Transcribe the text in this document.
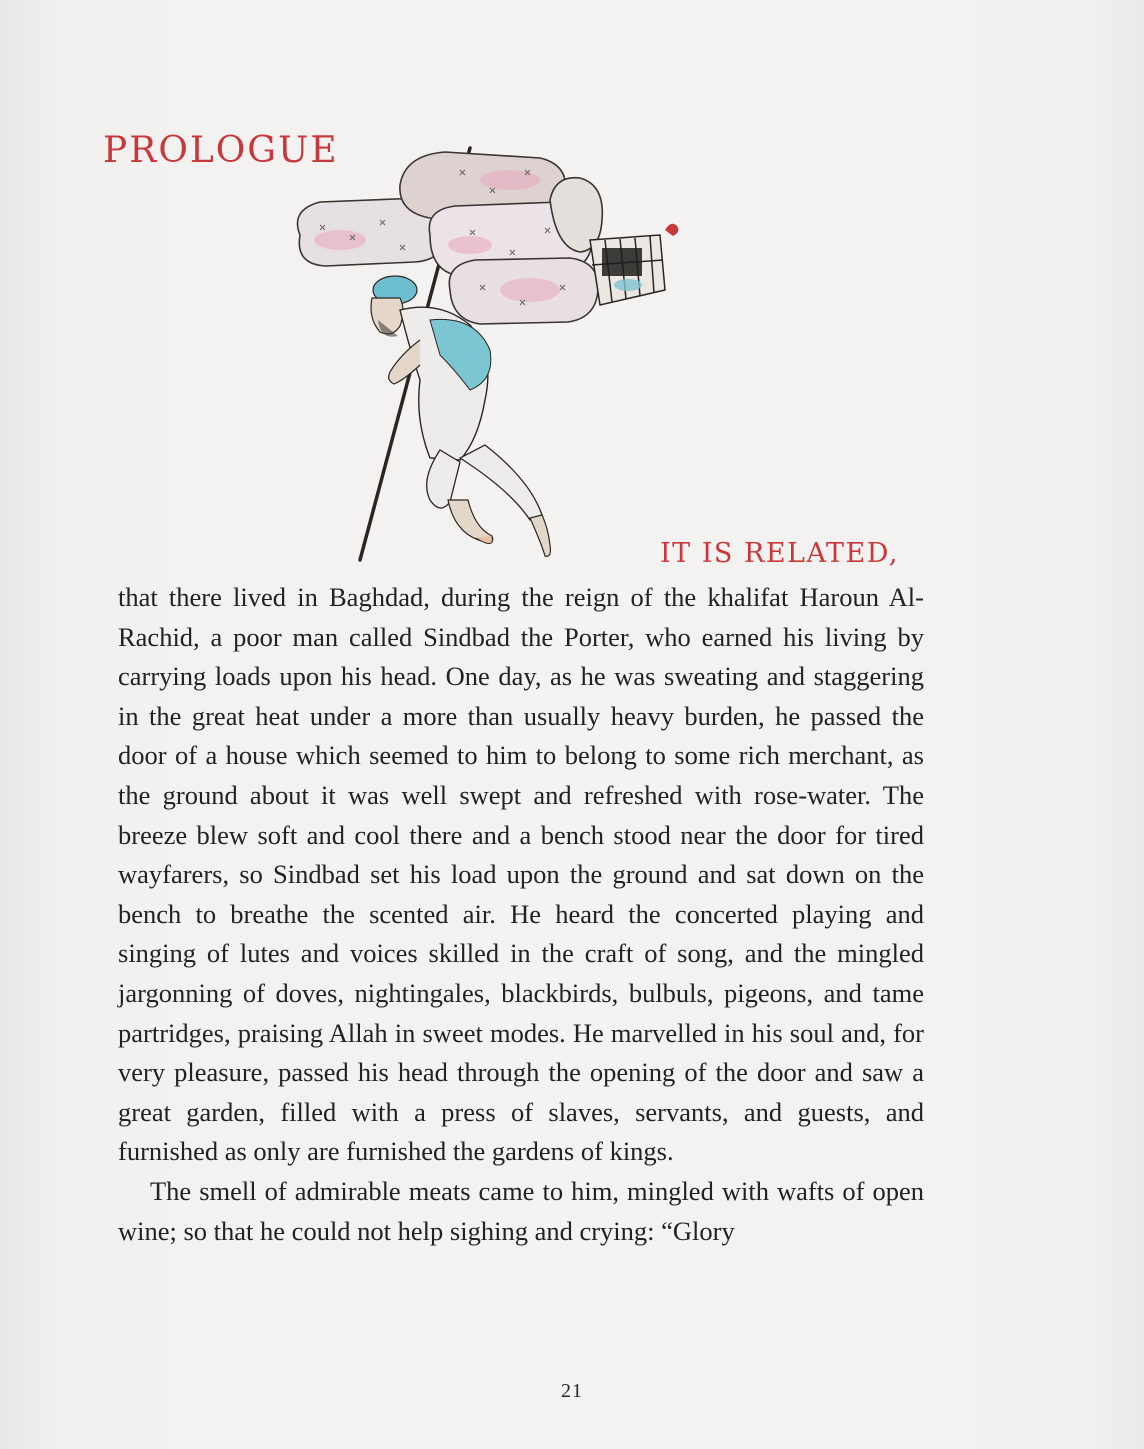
PROLOGUE
IT IS RELATED,

that there lived in Baghdad, during the reign of the khalifat Haroun Al-Rachid, a poor man called Sindbad the Porter, who earned his living by carrying loads upon his head. One day, as he was sweating and staggering in the great heat under a more than usually heavy burden, he passed the door of a house which seemed to him to belong to some rich merchant, as the ground about it was well swept and refreshed with rose-water. The breeze blew soft and cool there and a bench stood near the door for tired wayfarers, so Sindbad set his load upon the ground and sat down on the bench to breathe the scented air. He heard the concerted playing and singing of lutes and voices skilled in the craft of song, and the mingled jargonning of doves, nightingales, blackbirds, bulbuls, pigeons, and tame partridges, praising Allah in sweet modes. He marvelled in his soul and, for very pleasure, passed his head through the opening of the door and saw a great garden, filled with a press of slaves, servants, and guests, and furnished as only are furnished the gardens of kings.

The smell of admirable meats came to him, mingled with wafts of open wine; so that he could not help sighing and crying: “Glory

21
